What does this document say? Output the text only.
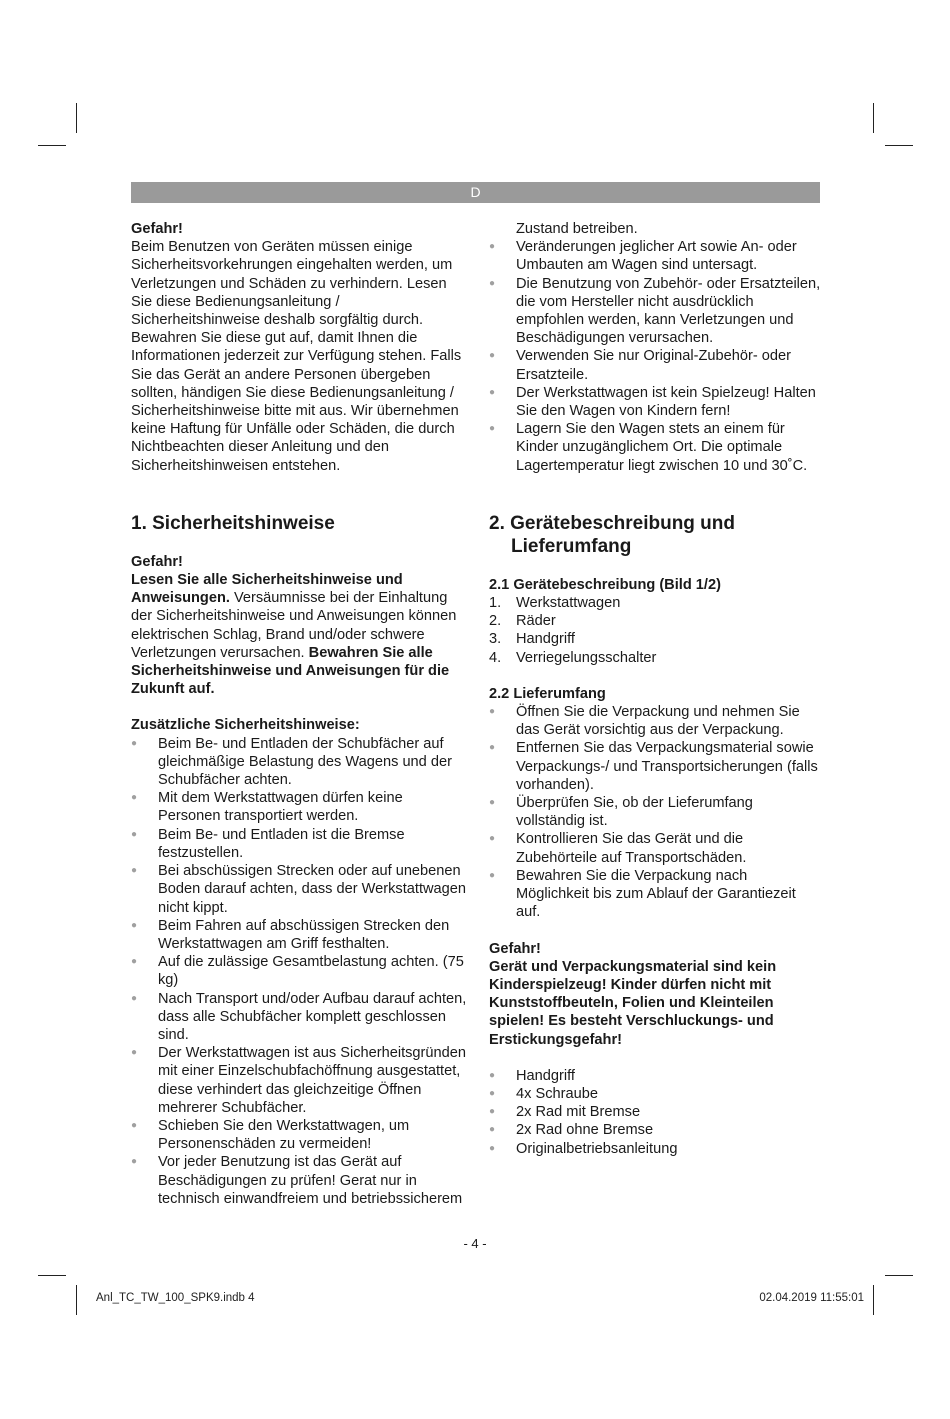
D

Gefahr!

Beim Benutzen von Geräten müssen einige Sicherheitsvorkehrungen eingehalten werden, um Verletzungen und Schäden zu verhindern. Lesen Sie diese Bedienungsanleitung / Sicherheitshinweise deshalb sorgfältig durch. Bewahren Sie diese gut auf, damit Ihnen die Informationen jederzeit zur Verfügung stehen. Falls Sie das Gerät an andere Personen übergeben sollten, händigen Sie diese Bedienungsanleitung / Sicherheitshinweise bitte mit aus. Wir übernehmen keine Haftung für Unfälle oder Schäden, die durch Nichtbeachten dieser Anleitung und den Sicherheitshinweisen entstehen.

1. Sicherheitshinweise

Gefahr!

Lesen Sie alle Sicherheitshinweise und Anweisungen. Versäumnisse bei der Einhaltung der Sicherheitshinweise und Anweisungen können elektrischen Schlag, Brand und/oder schwere Verletzungen verursachen. Bewahren Sie alle Sicherheitshinweise und Anweisungen für die Zukunft auf.

Zusätzliche Sicherheitshinweise:

● Beim Be- und Entladen der Schubfächer auf gleichmäßige Belastung des Wagens und der Schubfächer achten.
● Mit dem Werkstattwagen dürfen keine Personen transportiert werden.
● Beim Be- und Entladen ist die Bremse festzustellen.
● Bei abschüssigen Strecken oder auf unebenen Boden darauf achten, dass der Werkstattwagen nicht kippt.
● Beim Fahren auf abschüssigen Strecken den Werkstattwagen am Griff festhalten.
● Auf die zulässige Gesamtbelastung achten. (75 kg)
● Nach Transport und/oder Aufbau darauf achten, dass alle Schubfächer komplett geschlossen sind.
● Der Werkstattwagen ist aus Sicherheitsgründen mit einer Einzelschubfachöffnung ausgestattet, diese verhindert das gleichzeitige Öffnen mehrerer Schubfächer.
● Schieben Sie den Werkstattwagen, um Personenschäden zu vermeiden!
● Vor jeder Benutzung ist das Gerät auf Beschädigungen zu prüfen! Gerat nur in technisch einwandfreiem und betriebssicherem

Zustand betreiben.

● Veränderungen jeglicher Art sowie An- oder Umbauten am Wagen sind untersagt.
● Die Benutzung von Zubehör- oder Ersatzteilen, die vom Hersteller nicht ausdrücklich empfohlen werden, kann Verletzungen und Beschädigungen verursachen.
● Verwenden Sie nur Original-Zubehör- oder Ersatzteile.
● Der Werkstattwagen ist kein Spielzeug! Halten Sie den Wagen von Kindern fern!
● Lagern Sie den Wagen stets an einem für Kinder unzugänglichem Ort. Die optimale Lagertemperatur liegt zwischen 10 und 30˚C.
2. Gerätebeschreibung und Lieferumfang

2.1 Gerätebeschreibung (Bild 1/2)

1. Werkstattwagen
2. Räder
3. Handgriff
4. Verriegelungsschalter

2.2 Lieferumfang

● Öffnen Sie die Verpackung und nehmen Sie das Gerät vorsichtig aus der Verpackung.
● Entfernen Sie das Verpackungsmaterial sowie Verpackungs-/ und Transportsicherungen (falls vorhanden).
● Überprüfen Sie, ob der Lieferumfang vollständig ist.
● Kontrollieren Sie das Gerät und die Zubehörteile auf Transportschäden.
● Bewahren Sie die Verpackung nach Möglichkeit bis zum Ablauf der Garantiezeit auf.

Gefahr!

Gerät und Verpackungsmaterial sind kein Kinderspielzeug! Kinder dürfen nicht mit Kunststoffbeuteln, Folien und Kleinteilen spielen! Es besteht Verschluckungs- und Erstickungsgefahr!

● Handgriff
● 4x Schraube
● 2x Rad mit Bremse
● 2x Rad ohne Bremse
● Originalbetriebsanleitung
- 4 -
Anl_TC_TW_100_SPK9.indb 4	02.04.2019 11:55:01
